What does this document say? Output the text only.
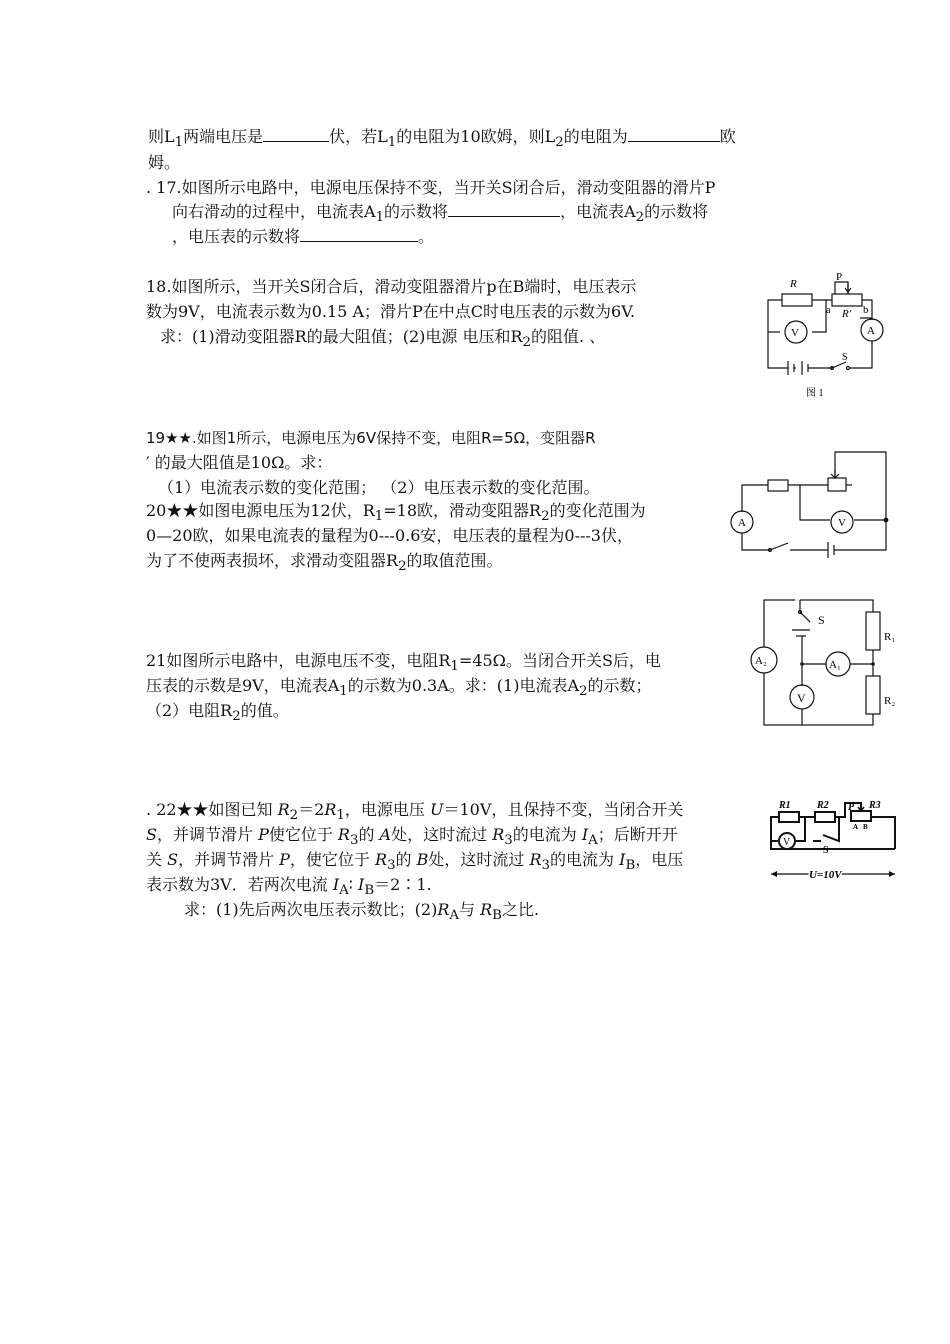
则$L_1$两端电压是	伏，若$L_1$的电阻为10欧姆，则$L_2$的电阻为	欧
姆。
. 17.如图所示电路中，电源电压保持不变，当开关S闭合后，滑动变阻器的滑片P
向右滑动的过程中，电流表$A_1$的示数将	，电流表$A_2$的示数将
，电压表的示数将	。
18.如图所示，当开关S闭合后，滑动变阻器滑片p在B端时，电压表示
数为9V，电流表示数为0.15 A；滑片P在中点C时电压表的示数为6V.
求：(1)滑动变阻器R的最大阻值；(2)电源 电压和$R_2$的阻值. 、
R
P
a R′ b
V	A
S
图 1
19★★.如图1所示，电源电压为6V保持不变，电阻R=5Ω，变阻器R
′ 的最大阻值是10Ω。求：
（1）电流表示数的变化范围； （2）电压表示数的变化范围。
A	V
20★★如图电源电压为12伏，$R_1=18$欧，滑动变阻器$R_2$的变化范围为
0—20欧，如果电流表的量程为0---0.6安，电压表的量程为0---3伏，
为了不使两表损坏，求滑动变阻器$R_2$的取值范围。
21如图所示电路中，电源电压不变，电阻$R_1=45\Omega$。当闭合开关S后，电
压表的示数是9V，电流表$A_1$的示数为0.3A。求：(1)电流表$A_2$的示数；
（2）电阻$R_2$的值。
S
R₁
R₂
A₁
A₂
V
. 22★★如图已知 $R_2=2R_1$，电源电压 U＝10V，且保持不变，当闭合开关
S，并调节滑片 P使它位于 $R_3$的 A处，这时流过 $R_3$的电流为 $I_A$；后断开开
关 S，并调节滑片 P，使它位于 $R_3$的 B处，这时流过 $R_3$的电流为 $I_B$，电压
表示数为3V．若两次电流 $I_A∶$ $I_B=2∶1$.
求：(1)先后两次电压表示数比；$(2)R_A$与 $R_B$之比.
R1	R2 P R3
A B
V
S
U=10V
